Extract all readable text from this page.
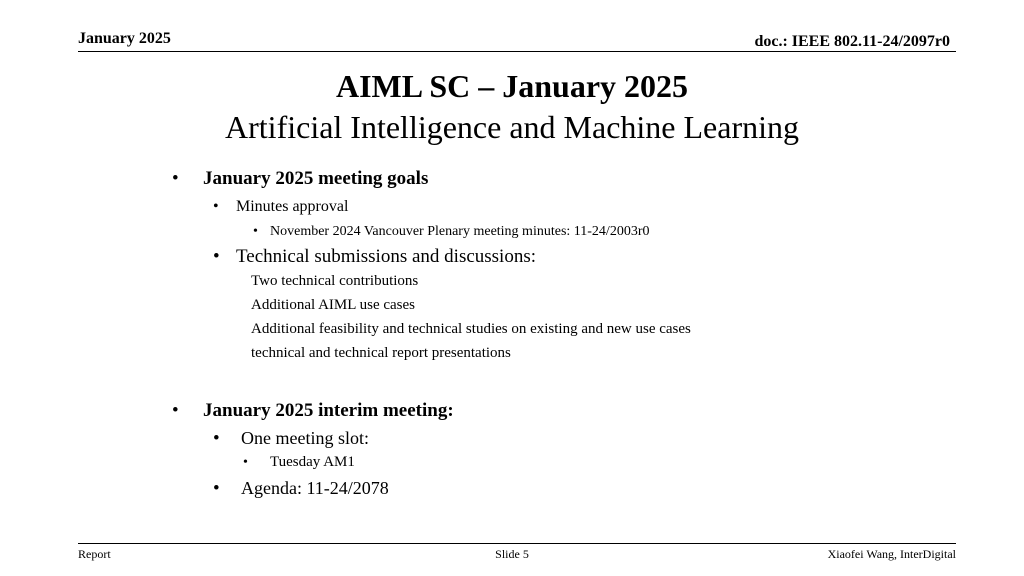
January 2025	doc.: IEEE 802.11-24/2097r0
AIML SC – January 2025
Artificial Intelligence and Machine Learning
• January 2025 meeting goals
• Minutes approval
• November 2024 Vancouver Plenary meeting minutes: 11-24/2003r0
• Technical submissions and discussions:
Two technical contributions
Additional AIML use cases
Additional feasibility and technical studies on existing and new use cases
technical and technical report presentations
• January 2025 interim meeting:
• One meeting slot:
• Tuesday AM1
• Agenda: 11-24/2078
Report	Slide 5	Xiaofei Wang, InterDigital
